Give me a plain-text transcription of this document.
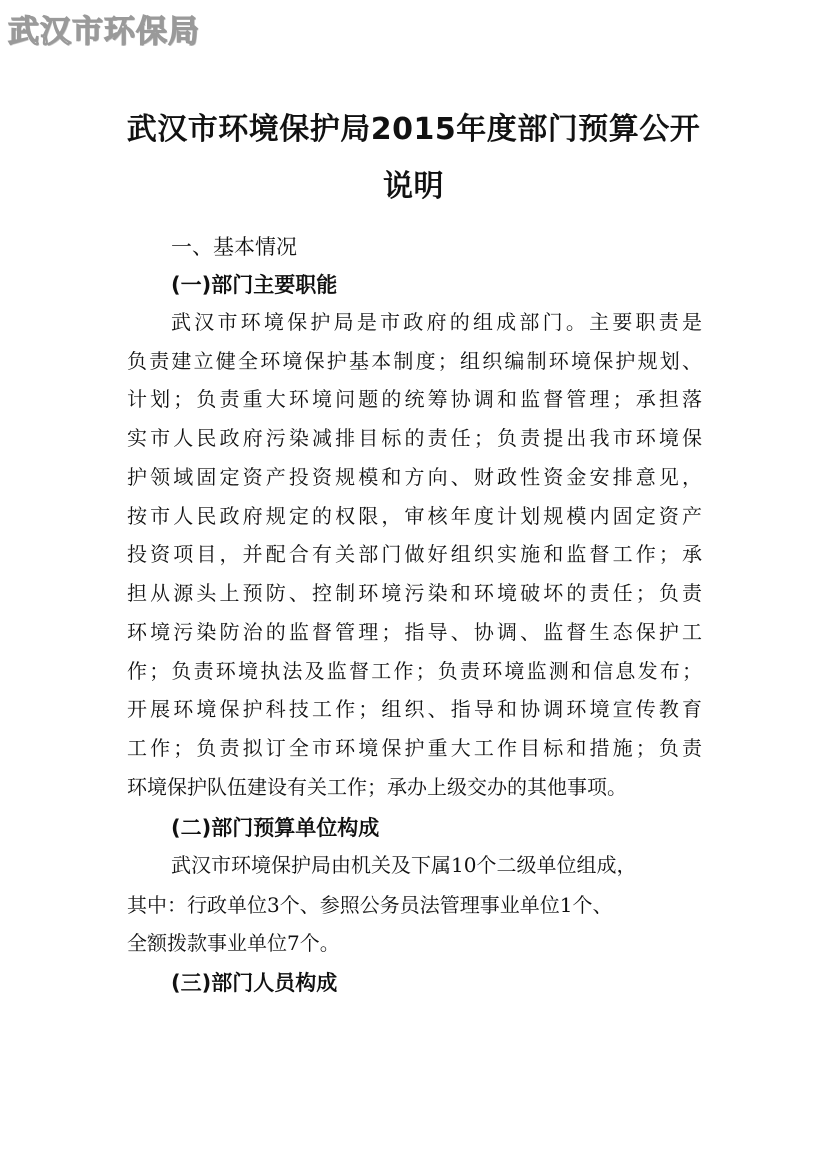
武汉市环保局
武汉市环境保护局2015年度部门预算公开
说明
一、基本情况
(一)部门主要职能
武汉市环境保护局是市政府的组成部门。主要职责是
负责建立健全环境保护基本制度；组织编制环境保护规划、
计划；负责重大环境问题的统筹协调和监督管理；承担落
实市人民政府污染减排目标的责任；负责提出我市环境保
护领域固定资产投资规模和方向、财政性资金安排意见，
按市人民政府规定的权限，审核年度计划规模内固定资产
投资项目，并配合有关部门做好组织实施和监督工作；承
担从源头上预防、控制环境污染和环境破坏的责任；负责
环境污染防治的监督管理；指导、协调、监督生态保护工
作；负责环境执法及监督工作；负责环境监测和信息发布；
开展环境保护科技工作；组织、指导和协调环境宣传教育
工作；负责拟订全市环境保护重大工作目标和措施；负责
环境保护队伍建设有关工作；承办上级交办的其他事项。
(二)部门预算单位构成
武汉市环境保护局由机关及下属10个二级单位组成，
其中：行政单位3个、参照公务员法管理事业单位1个、
全额拨款事业单位7个。
(三)部门人员构成
